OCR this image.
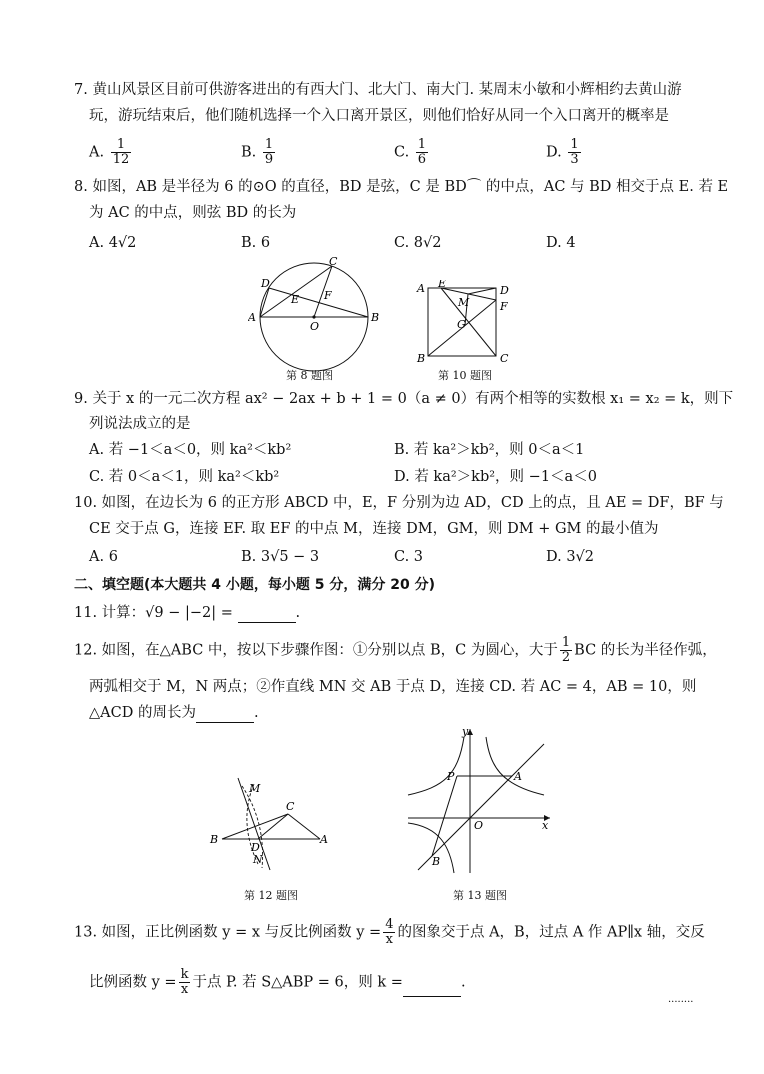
7. 黄山风景区目前可供游客进出的有西大门、北大门、南大门. 某周末小敏和小辉相约去黄山游
玩，游玩结束后，他们随机选择一个入口离开景区，则他们恰好从同一个入口离开的概率是
A. $\frac{1}{12}$	B. $\frac{1}{9}$	C. $\frac{1}{6}$	D. $\frac{1}{3}$
8. 如图，AB 是半径为 6 的⊙O 的直径，BD 是弦，C 是 BD⌒ 的中点，AC 与 BD 相交于点 E. 若 E
为 AC 的中点，则弦 BD 的长为
A. 4√2	B. 6	C. 8√2	D. 4
A	B
C
D
E F
O
第 8 题图
A E
D
F
M
G
B	C
第 10 题图
9. 关于 x 的一元二次方程 ax² − 2ax + b + 1 = 0（a ≠ 0）有两个相等的实数根 x₁ = x₂ = k，则下
列说法成立的是
A. 若 −1＜a＜0，则 ka²＜kb²	B. 若 ka²＞kb²，则 0＜a＜1
C. 若 0＜a＜1，则 ka²＜kb²	D. 若 ka²＞kb²，则 −1＜a＜0
10. 如图，在边长为 6 的正方形 ABCD 中，E，F 分别为边 AD，CD 上的点，且 AE = DF，BF 与
CE 交于点 G，连接 EF. 取 EF 的中点 M，连接 DM，GM，则 DM + GM 的最小值为
A. 6	B. 3√5 − 3	C. 3	D. 3√2
二、填空题(本大题共 4 小题，每小题 5 分，满分 20 分)
11. 计算：√9 − |−2| =	.
12. 如图，在△ABC 中，按以下步骤作图：①分别以点 B，C 为圆心，大于 $\frac{1}{2}$ BC 的长为半径作弧，
两弧相交于 M，N 两点；②作直线 MN 交 AB 于点 D，连接 CD. 若 AC = 4，AB = 10，则
△ACD 的周长为	.
M
C
B
D
A
N
第 12 题图
y
x
P	A
O
B
第 13 题图
13. 如图，正比例函数 y = x 与反比例函数 $y = \frac{4}{x}$ 的图象交于点 A，B，过点 A 作 AP∥x 轴，交反
比例函数 $y = \frac{k}{x}$ 于点 P. 若 S△ABP = 6，则 k =	.
········
